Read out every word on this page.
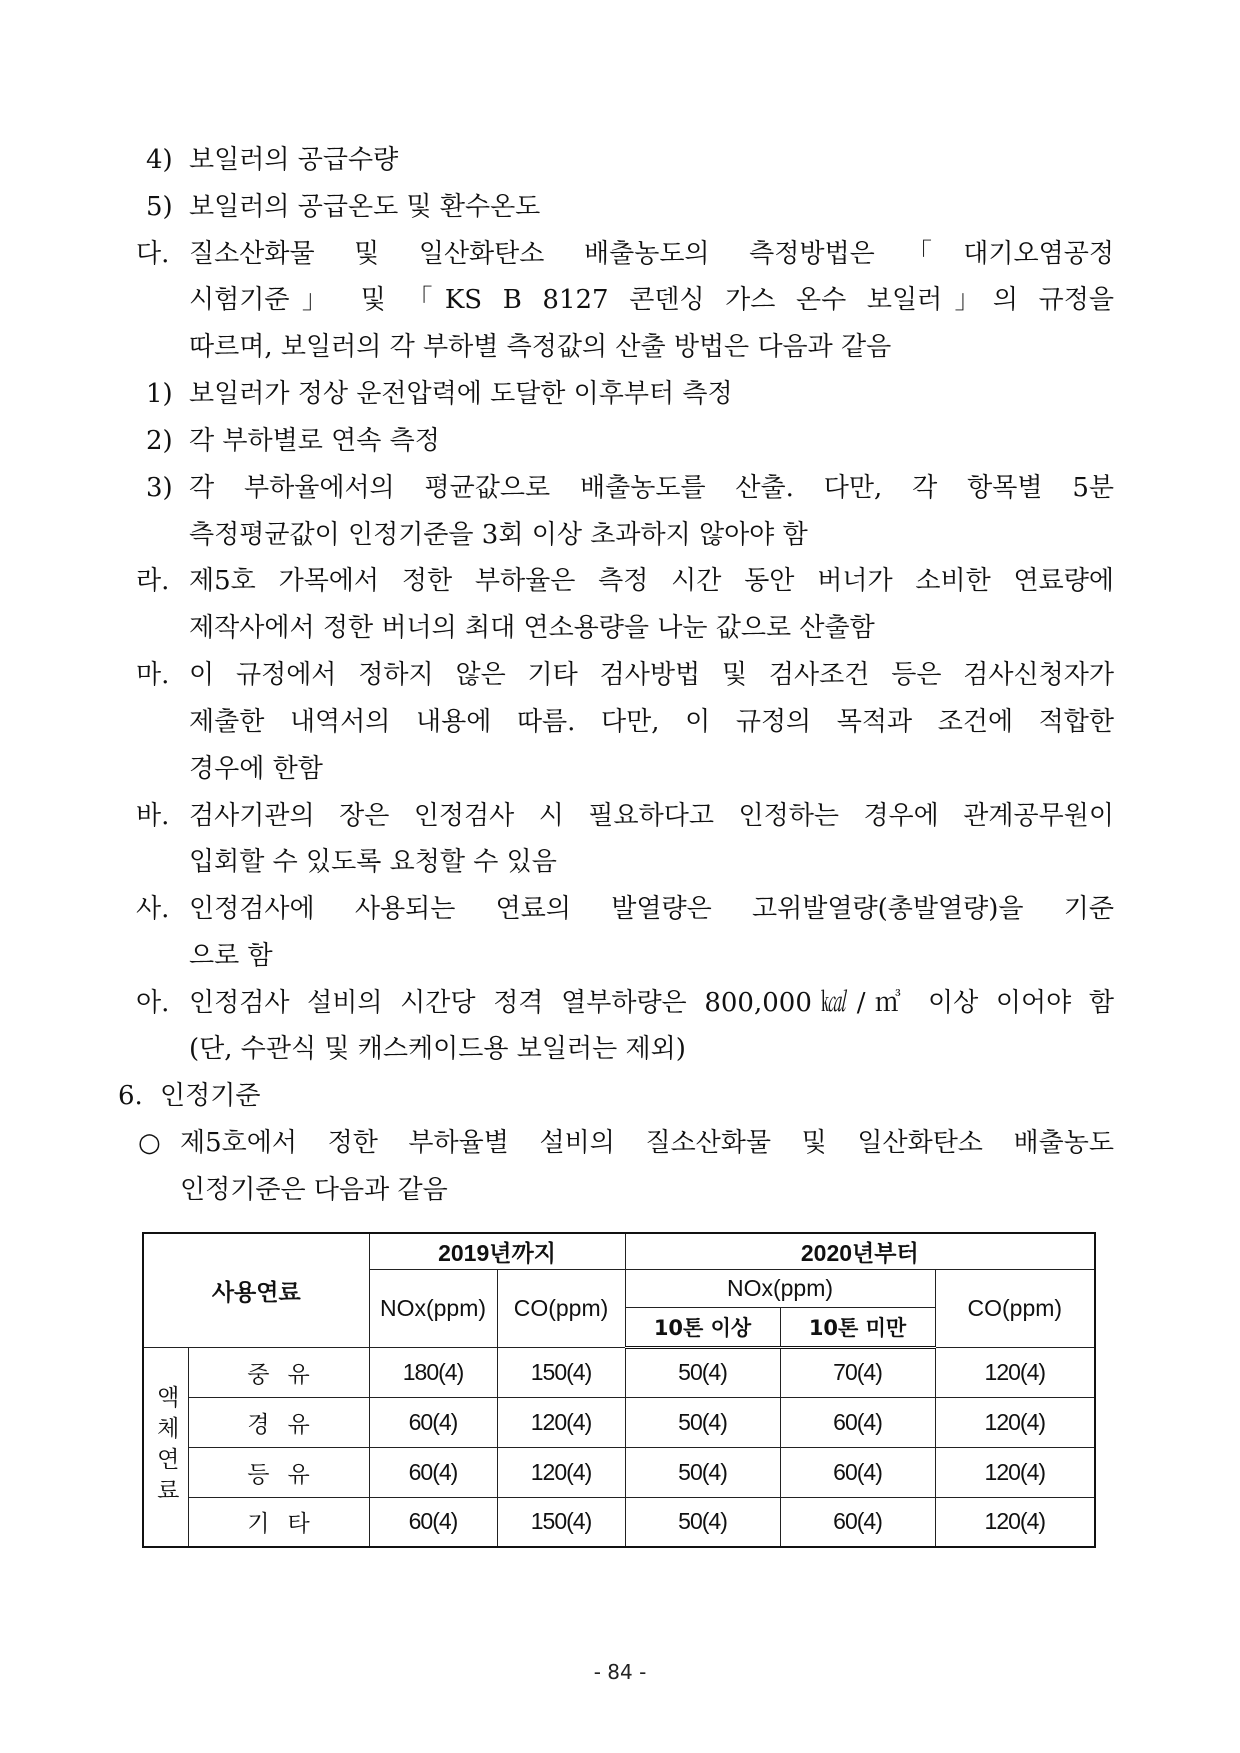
4) 보일러의 공급수량
5) 보일러의 공급온도 및 환수온도
다. 질소산화물 및 일산화탄소 배출농도의 측정방법은「대기오염공정
시험기준」 및 「KS B 8127 콘덴싱 가스 온수 보일러」의 규정을
따르며, 보일러의 각 부하별 측정값의 산출 방법은 다음과 같음
1) 보일러가 정상 운전압력에 도달한 이후부터 측정
2) 각 부하별로 연속 측정
3) 각 부하율에서의 평균값으로 배출농도를 산출. 다만, 각 항목별 5분
측정평균값이 인정기준을 3회 이상 초과하지 않아야 함
라. 제5호 가목에서 정한 부하율은 측정 시간 동안 버너가 소비한 연료량에
제작사에서 정한 버너의 최대 연소용량을 나눈 값으로 산출함
마. 이 규정에서 정하지 않은 기타 검사방법 및 검사조건 등은 검사신청자가
제출한 내역서의 내용에 따름. 다만, 이 규정의 목적과 조건에 적합한
경우에 한함
바. 검사기관의 장은 인정검사 시 필요하다고 인정하는 경우에 관계공무원이
입회할 수 있도록 요청할 수 있음
사. 인정검사에 사용되는 연료의 발열량은 고위발열량(총발열량)을 기준
으로 함
아. 인정검사 설비의 시간당 정격 열부하량은 800,000㎉/㎥ 이상 이어야 함
(단, 수관식 및 캐스케이드용 보일러는 제외)
6. 인정기준
○ 제5호에서 정한 부하율별 설비의 질소산화물 및 일산화탄소 배출농도
인정기준은 다음과 같음
사용연료		2019년까지		2020년부터		
		NOx(ppm)	CO(ppm)	NOx(ppm)		CO(ppm)
				10톤 이상	10톤 미만	

액체연료	중유	180(4)	150(4)	50(4)	70(4)	120(4)
	경유	60(4)	120(4)	50(4)	60(4)	120(4)
	등유	60(4)	120(4)	50(4)	60(4)	120(4)
	기타	60(4)	150(4)	50(4)	60(4)	120(4)
- 84 -
